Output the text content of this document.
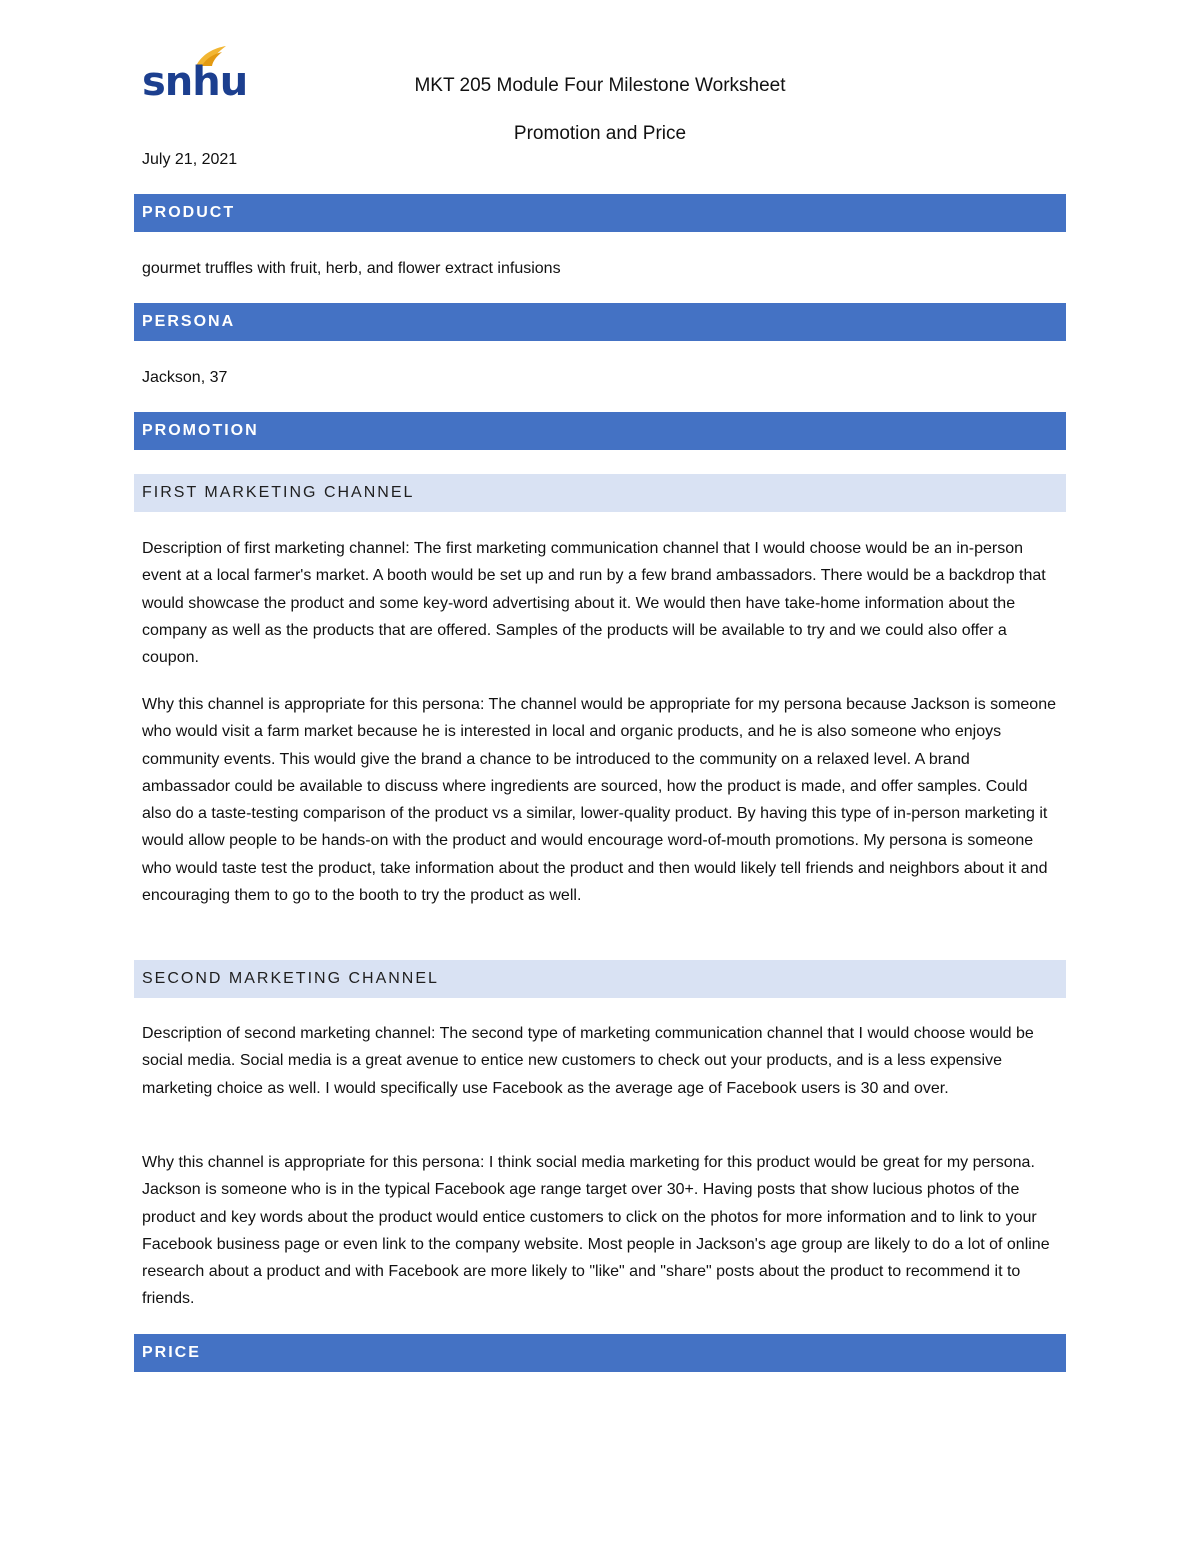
snhu	MKT 205 Module Four Milestone Worksheet
Promotion and Price
July 21, 2021
PRODUCT
gourmet truffles with fruit, herb, and flower extract infusions
PERSONA
Jackson, 37
PROMOTION
FIRST MARKETING CHANNEL

Description of first marketing channel: The first marketing communication channel that I would choose would be an in-person event at a local farmer's market. A booth would be set up and run by a few brand ambassadors. There would be a backdrop that would showcase the product and some key-word advertising about it. We would then have take-home information about the company as well as the products that are offered. Samples of the products will be available to try and we could also offer a coupon.

Why this channel is appropriate for this persona: The channel would be appropriate for my persona because Jackson is someone who would visit a farm market because he is interested in local and organic products, and he is also someone who enjoys community events. This would give the brand a chance to be introduced to the community on a relaxed level. A brand ambassador could be available to discuss where ingredients are sourced, how the product is made, and offer samples. Could also do a taste-testing comparison of the product vs a similar, lower-quality product. By having this type of in-person marketing it would allow people to be hands-on with the product and would encourage word-of-mouth promotions. My persona is someone who would taste test the product, take information about the product and then would likely tell friends and neighbors about it and encouraging them to go to the booth to try the product as well.

SECOND MARKETING CHANNEL

Description of second marketing channel: The second type of marketing communication channel that I would choose would be social media. Social media is a great avenue to entice new customers to check out your products, and is a less expensive marketing choice as well. I would specifically use Facebook as the average age of Facebook users is 30 and over.

Why this channel is appropriate for this persona: I think social media marketing for this product would be great for my persona. Jackson is someone who is in the typical Facebook age range target over 30+. Having posts that show lucious photos of the product and key words about the product would entice customers to click on the photos for more information and to link to your Facebook business page or even link to the company website. Most people in Jackson's age group are likely to do a lot of online research about a product and with Facebook are more likely to "like" and "share" posts about the product to recommend it to friends.

PRICE
